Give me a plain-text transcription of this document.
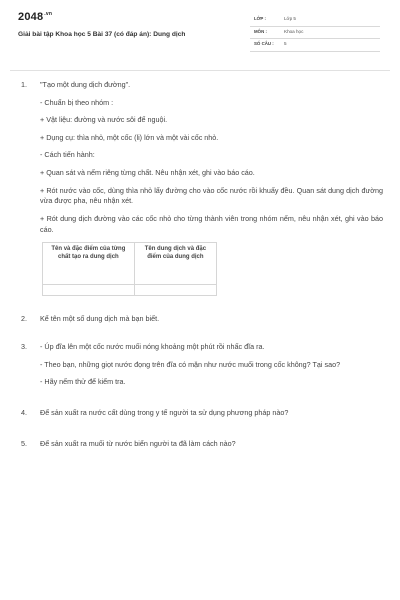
$2048^{.vn}$
Giải bài tập Khoa học 5 Bài 37 (có đáp án): Dung dịch
LỚP :	Lớp 5
MÔN :	Khoa học
SỐ CÂU : 5
1. "Tạo một dung dịch đường".
- Chuẩn bị theo nhóm :
+ Vật liệu: đường và nước sôi để nguội.
+ Dụng cụ: thìa nhỏ, một cốc (li) lớn và một vài cốc nhỏ.
- Cách tiến hành:
+ Quan sát và nếm riêng từng chất. Nêu nhận xét, ghi vào báo cáo.
+ Rót nước vào cốc, dùng thìa nhỏ lấy đường cho vào cốc nước rồi khuấy đều. Quan sát dung dịch đường vừa được pha, nêu nhận xét.
+ Rót dung dịch đường vào các cốc nhỏ cho từng thành viên trong nhóm nếm, nêu nhận xét, ghi vào báo cáo.
Tên và đặc điểm của từng chất tạo ra dung dịch	Tên dung dịch và đặc điểm của dung dịch

2. Kể tên một số dung dịch mà bạn biết.
3. - Úp đĩa lên một cốc nước muối nóng khoảng một phút rồi nhấc đĩa ra.
- Theo bạn, những giọt nước đọng trên đĩa có mặn như nước muối trong cốc không? Tại sao?
- Hãy nếm thử để kiểm tra.
4. Để sản xuất ra nước cất dùng trong y tế người ta sử dụng phương pháp nào?
5. Để sản xuất ra muối từ nước biển người ta đã làm cách nào?
